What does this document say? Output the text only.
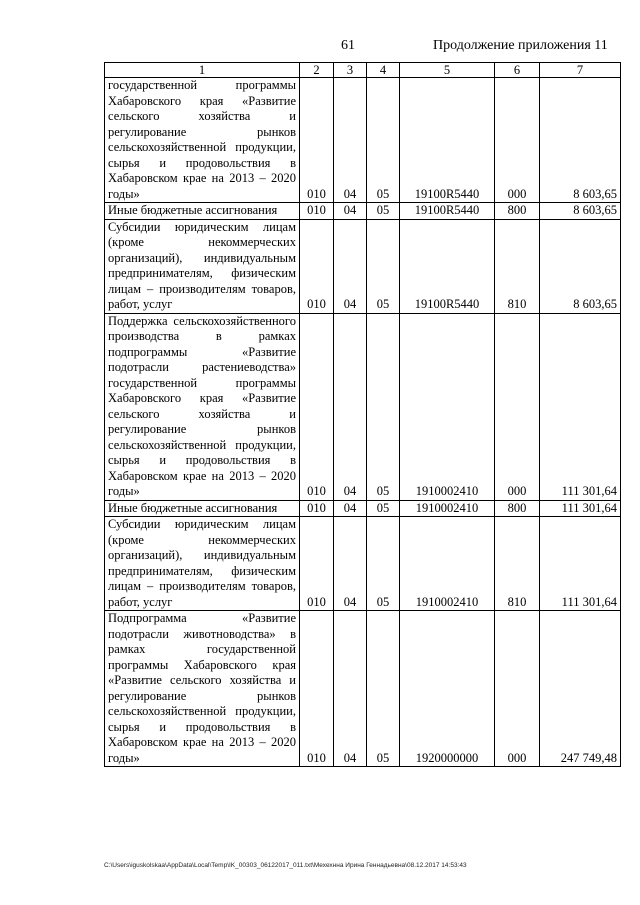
61	Продолжение приложения 11
1	2	3	4	5	6	7
государственной программы Хабаровского края «Развитие сельского хозяйства и регулирование рынков сельскохозяйственной продукции, сырья и продовольствия в Хабаровском крае на 2013 – 2020 годы»	010	04	05	19100R5440	000	8 603,65
Иные бюджетные ассигнования	010	04	05	19100R5440	800	8 603,65
Субсидии юридическим лицам (кроме некоммерческих организаций), индивидуальным предпринимателям, физическим лицам – производителям товаров, работ, услуг	010	04	05	19100R5440	810	8 603,65
Поддержка сельскохозяйственного производства в рамках подпрограммы «Развитие подотрасли растениеводства» государственной программы Хабаровского края «Развитие сельского хозяйства и регулирование рынков сельскохозяйственной продукции, сырья и продовольствия в Хабаровском крае на 2013 – 2020 годы»	010	04	05	1910002410	000	111 301,64
Иные бюджетные ассигнования	010	04	05	1910002410	800	111 301,64
Субсидии юридическим лицам (кроме некоммерческих организаций), индивидуальным предпринимателям, физическим лицам – производителям товаров, работ, услуг	010	04	05	1910002410	810	111 301,64
Подпрограмма «Развитие подотрасли животноводства» в рамках государственной программы Хабаровского края «Развитие сельского хозяйства и регулирование рынков сельскохозяйственной продукции, сырья и продовольствия в Хабаровском крае на 2013 – 2020 годы»	010	04	05	1920000000	000	247 749,48
C:\Users\iguskolskaa\AppData\Local\Temp\IK_00303_06122017_011.txt\Мехехнна Ирина Геннадьевна\08.12.2017 14:53:43
